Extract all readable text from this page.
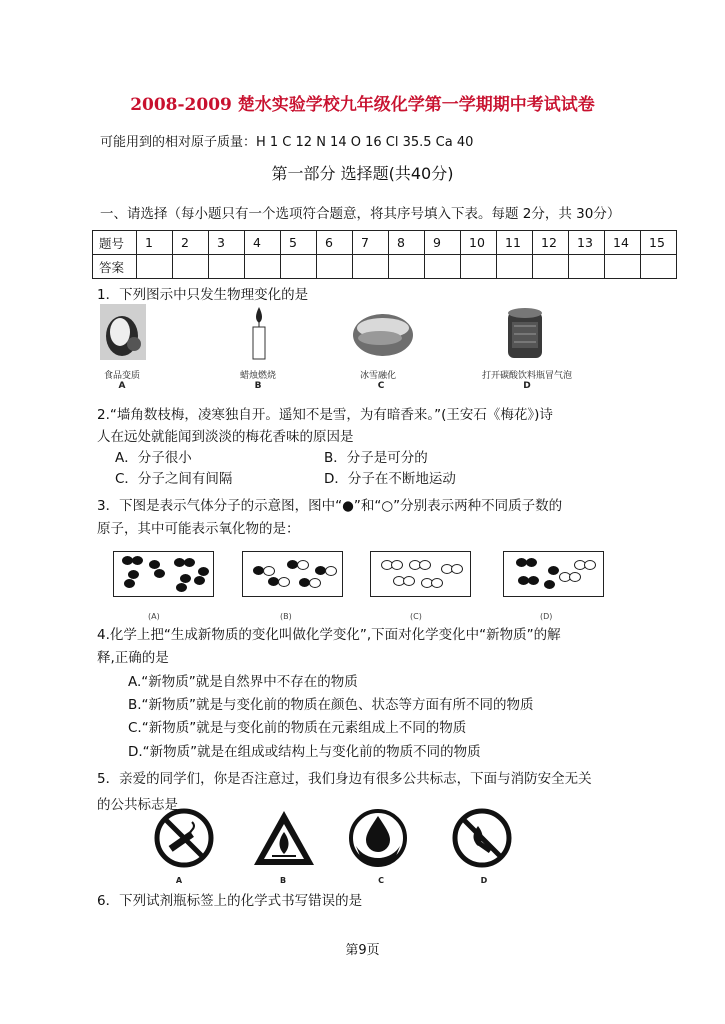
2008-2009 楚水实验学校九年级化学第一学期期中考试试卷
可能用到的相对原子质量：H 1 C 12 N 14 O 16 Cl 35.5 Ca 40
第一部分 选择题(共40分)
一、请选择（每小题只有一个选项符合题意，将其序号填入下表。每题 2分，共 30分）
题号	1	2	3	4	5	6	7	8	9	10	11	12	13	14	15
答案															
1．下列图示中只发生物理变化的是
食品变质	蜡烛燃烧	冰雪融化	打开碳酸饮料瓶冒气泡
A	B	C	D
2.“墙角数枝梅，凌寒独自开。遥知不是雪，为有暗香来。”(王安石《梅花》)诗
人在远处就能闻到淡淡的梅花香味的原因是
A．分子很小	B．分子是可分的
C．分子之间有间隔	D．分子在不断地运动
3．下图是表示气体分子的示意图，图中“●”和“○”分别表示两种不同质子数的
原子，其中可能表示氧化物的是：
(A)	(B)	(C)	(D)
4.化学上把“生成新物质的变化叫做化学变化”,下面对化学变化中“新物质”的解
释,正确的是
A.“新物质”就是自然界中不存在的物质
B.“新物质”就是与变化前的物质在颜色、状态等方面有所不同的物质
C.“新物质”就是与变化前的物质在元素组成上不同的物质
D.“新物质”就是在组成或结构上与变化前的物质不同的物质
5．亲爱的同学们，你是否注意过，我们身边有很多公共标志，下面与消防安全无关
的公共标志是
A	B	C	D
6．下列试剂瓶标签上的化学式书写错误的是
第9页
